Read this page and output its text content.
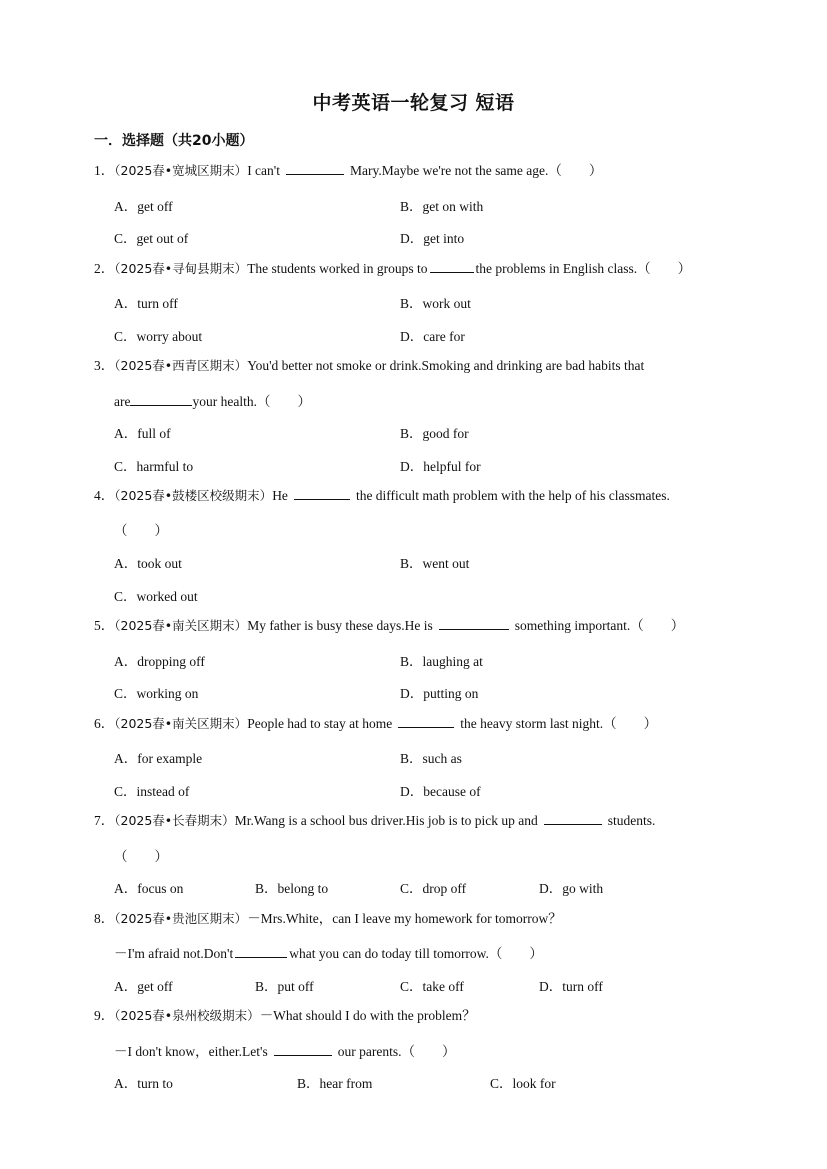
中考英语一轮复习 短语
一．选择题（共20小题）
1．（2025春•宽城区期末）I can't	Mary.Maybe we're not the same age.（　　）
A．get off	B．get on with
C．get out of	D．get into
2．（2025春•寻甸县期末）The students worked in groups to	the problems in English class.（　　）
A．turn off	B．work out
C．worry about	D．care for
3．（2025春•西青区期末）You'd better not smoke or drink.Smoking and drinking are bad habits that
are	your health.（　　）
A．full of	B．good for
C．harmful to	D．helpful for
4．（2025春•鼓楼区校级期末）He	the difficult math problem with the help of his classmates.
（　　）
A．took out	B．went out
C．worked out
5．（2025春•南关区期末）My father is busy these days.He is	something important.（　　）
A．dropping off	B．laughing at
C．working on	D．putting on
6．（2025春•南关区期末）People had to stay at home	the heavy storm last night.（　　）
A．for example	B．such as
C．instead of	D．because of
7．（2025春•长春期末）Mr.Wang is a school bus driver.His job is to pick up and	students.
（　　）
A．focus on	B．belong to	C．drop off	D．go with
8．（2025春•贵池区期末）－Mrs.White，can I leave my homework for tomorrow？
－I'm afraid not.Don't	what you can do today till tomorrow.（　　）
A．get off	B．put off	C．take off	D．turn off
9．（2025春•泉州校级期末）－What should I do with the problem？
－I don't know，either.Let's	our parents.（　　）
A．turn to	B．hear from	C．look for
